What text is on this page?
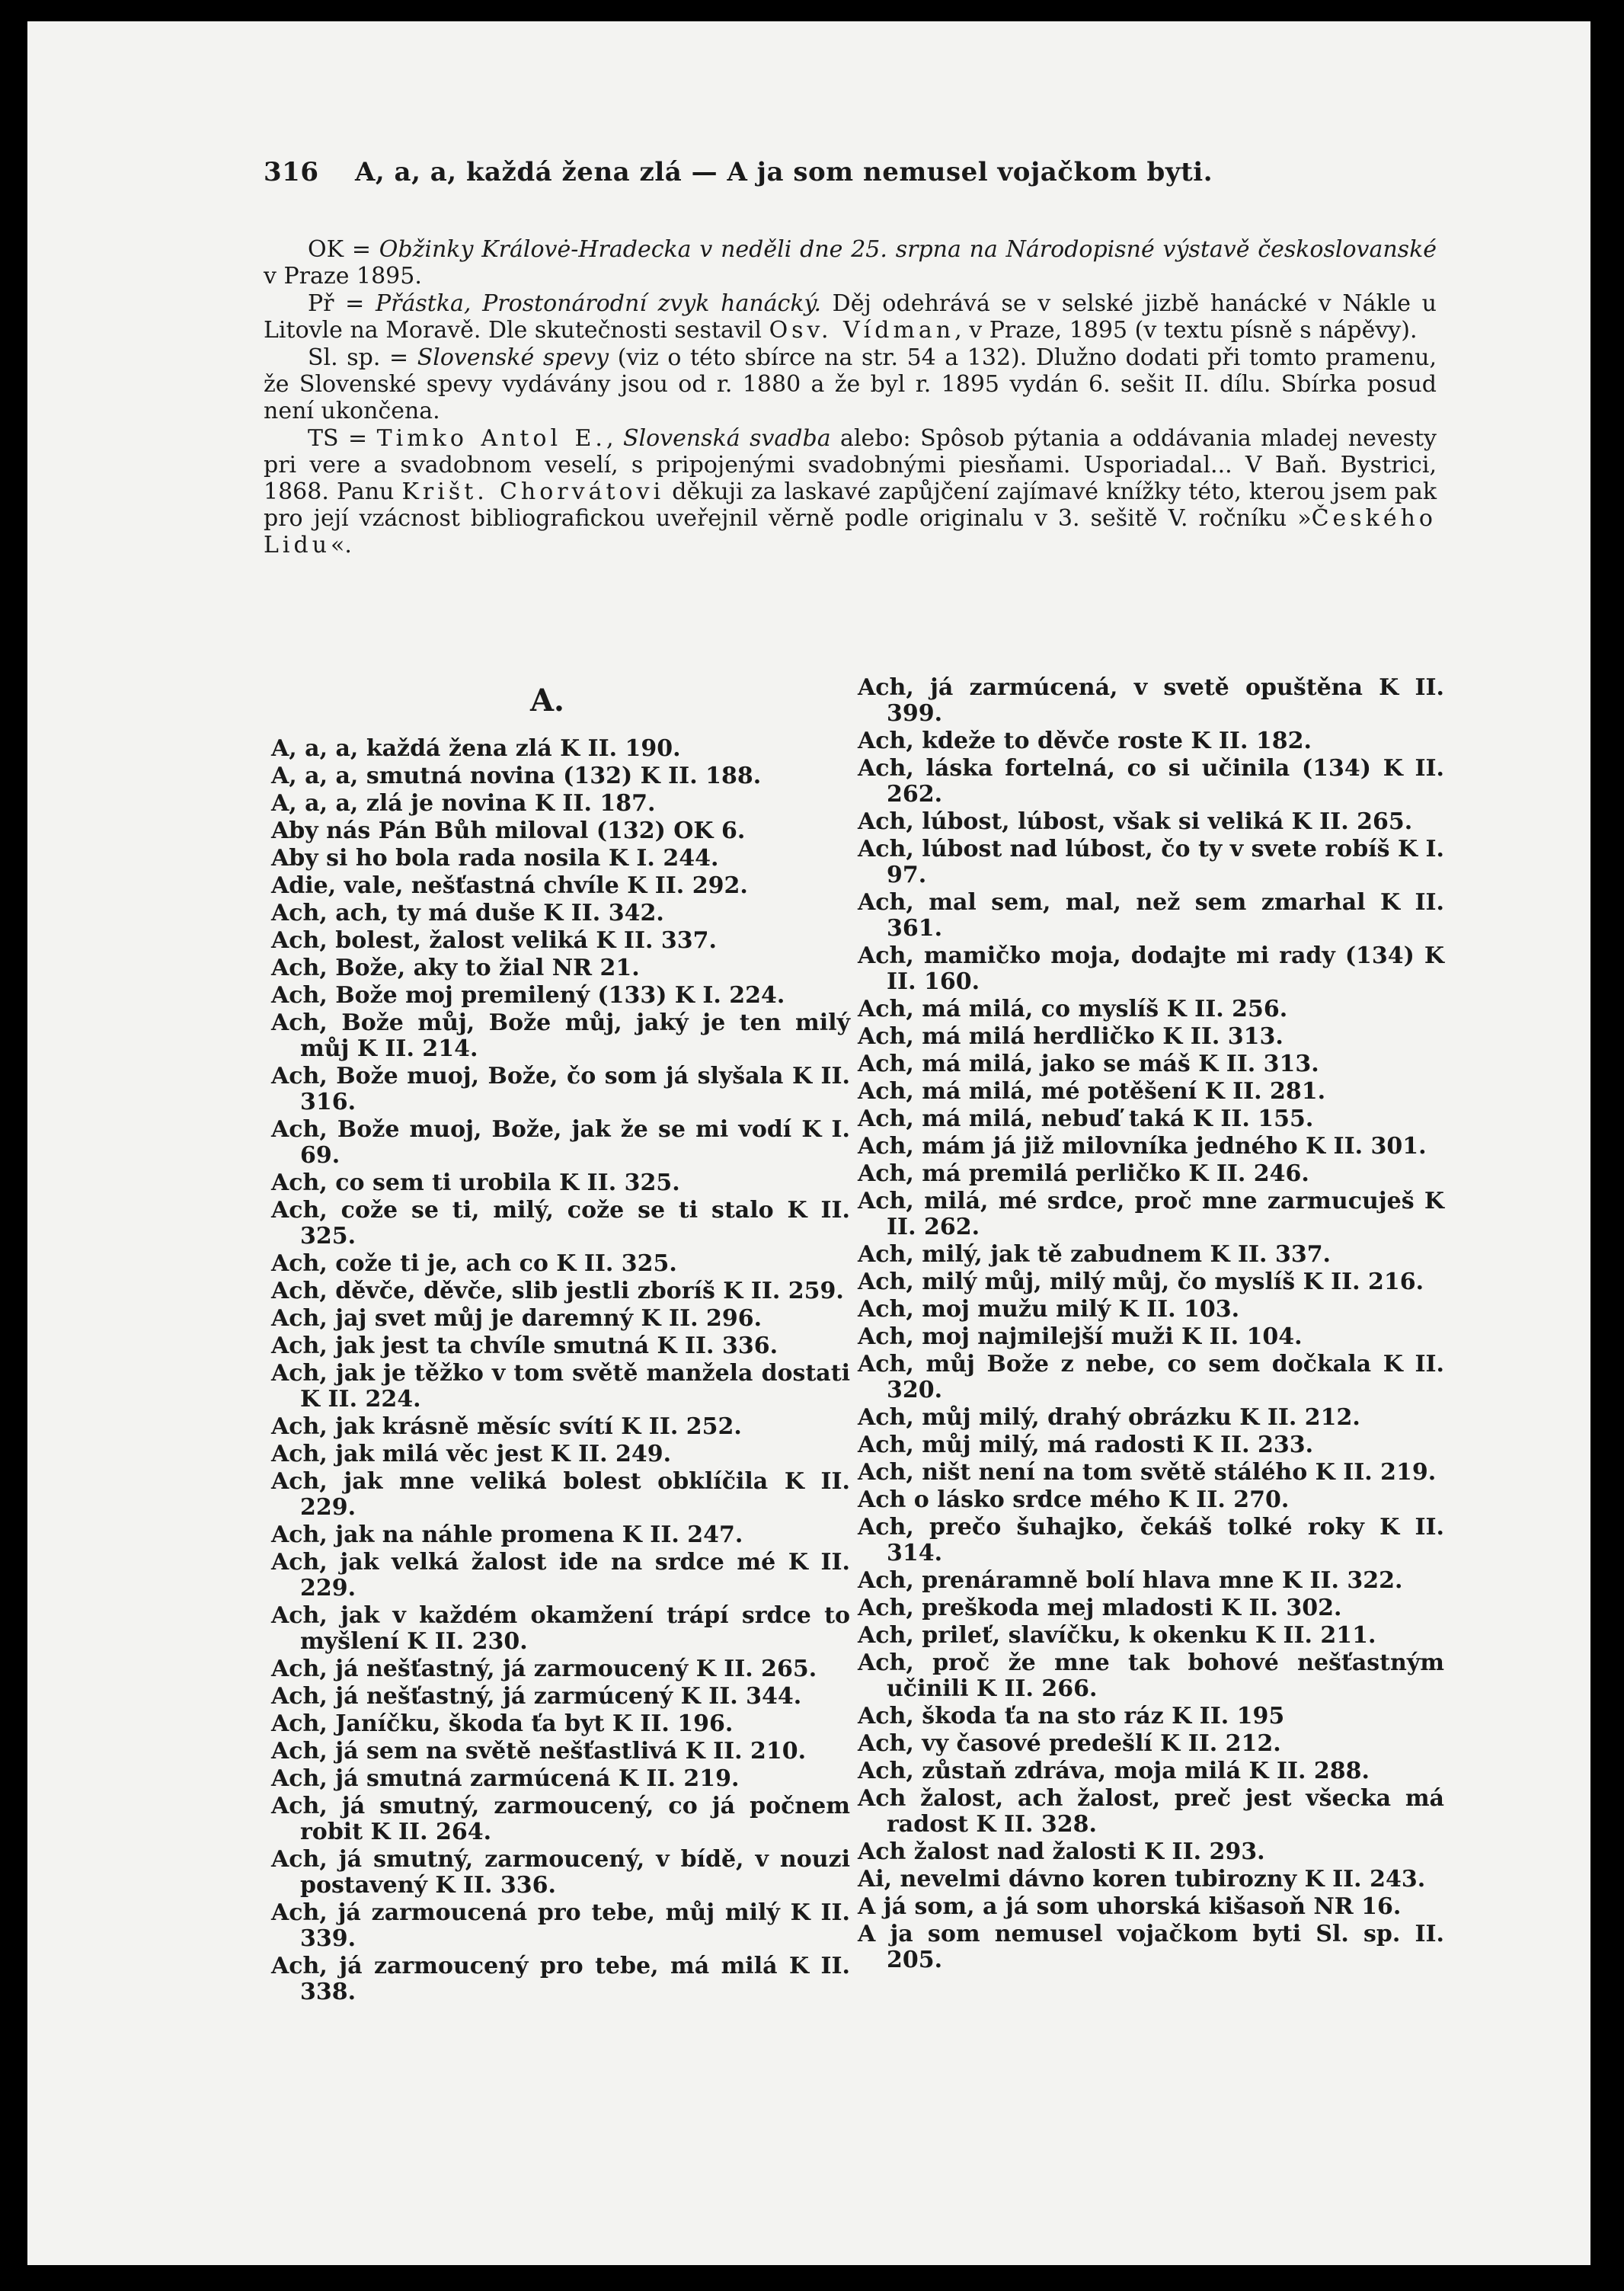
316 A, a, a, každá žena zlá — A ja som nemusel vojačkom byti.

OK = Obžinky Královė-Hradecka v neděli dne 25. srpna na Národopisné výstavě českoslovanské v Praze 1895.

Př = Přástka, Prostonárodní zvyk hanácký. Děj odehrává se v selské jizbě hanácké v Nákle u Litovle na Moravě. Dle skutečnosti sestavil Osv. Vídman, v Praze, 1895 (v textu písně s nápěvy).

Sl. sp. = Slovenské spevy (viz o této sbírce na str. 54 a 132). Dlužno dodati při tomto pramenu, že Slovenské spevy vydávány jsou od r. 1880 a že byl r. 1895 vydán 6. sešit II. dílu. Sbírka posud není ukončena.

TS = Timko Antol E., Slovenská svadba alebo: Spôsob pýtania a oddávania mladej nevesty pri vere a svadobnom veselí, s pripojenými svadobnými piesňami. Usporiadal... V Baň. Bystrici, 1868. Panu Krišt. Chorvátovi děkuji za laskavé zapůjčení zajímavé knížky této, kterou jsem pak pro její vzácnost bibliografickou uveřejnil věrně podle originalu v 3. sešitě V. ročníku »Českého Lidu«.

A.

A, a, a, každá žena zlá K II. 190.

A, a, a, smutná novina (132) K II. 188.

A, a, a, zlá je novina K II. 187.

Aby nás Pán Bůh miloval (132) OK 6.

Aby si ho bola rada nosila K I. 244.

Adie, vale, nešťastná chvíle K II. 292.

Ach, ach, ty má duše K II. 342.

Ach, bolest, žalost veliká K II. 337.

Ach, Bože, aky to žial NR 21.

Ach, Bože moj premilený (133) K I. 224.

Ach, Bože můj, Bože můj, jaký je ten milý můj K II. 214.

Ach, Bože muoj, Bože, čo som já slyšala K II. 316.

Ach, Bože muoj, Bože, jak že se mi vodí K I. 69.

Ach, co sem ti urobila K II. 325.

Ach, cože se ti, milý, cože se ti stalo K II. 325.

Ach, cože ti je, ach co K II. 325.

Ach, děvče, děvče, slib jestli zboríš K II. 259.

Ach, jaj svet můj je daremný K II. 296.

Ach, jak jest ta chvíle smutná K II. 336.

Ach, jak je těžko v tom světě manžela dostati K II. 224.

Ach, jak krásně měsíc svítí K II. 252.

Ach, jak milá věc jest K II. 249.

Ach, jak mne veliká bolest obklíčila K II. 229.

Ach, jak na náhle promena K II. 247.

Ach, jak velká žalost ide na srdce mé K II. 229.

Ach, jak v každém okamžení trápí srdce to myšlení K II. 230.

Ach, já nešťastný, já zarmoucený K II. 265.

Ach, já nešťastný, já zarmúcený K II. 344.

Ach, Janíčku, škoda ťa byt K II. 196.

Ach, já sem na světě nešťastlivá K II. 210.

Ach, já smutná zarmúcená K II. 219.

Ach, já smutný, zarmoucený, co já počnem robit K II. 264.

Ach, já smutný, zarmoucený, v bídě, v nouzi postavený K II. 336.

Ach, já zarmoucená pro tebe, můj milý K II. 339.

Ach, já zarmoucený pro tebe, má milá K II. 338.

Ach, já zarmúcená, v svetě opuštěna K II. 399.

Ach, kdeže to děvče roste K II. 182.

Ach, láska fortelná, co si učinila (134) K II. 262.

Ach, lúbost, lúbost, však si veliká K II. 265.

Ach, lúbost nad lúbost, čo ty v svete robíš K I. 97.

Ach, mal sem, mal, než sem zmarhal K II. 361.

Ach, mamičko moja, dodajte mi rady (134) K II. 160.

Ach, má milá, co myslíš K II. 256.

Ach, má milá herdličko K II. 313.

Ach, má milá, jako se máš K II. 313.

Ach, má milá, mé potěšení K II. 281.

Ach, má milá, nebuď taká K II. 155.

Ach, mám já již milovníka jedného K II. 301.

Ach, má premilá perličko K II. 246.

Ach, milá, mé srdce, proč mne zarmucuješ K II. 262.

Ach, milý, jak tě zabudnem K II. 337.

Ach, milý můj, milý můj, čo myslíš K II. 216.

Ach, moj mužu milý K II. 103.

Ach, moj najmilejší muži K II. 104.

Ach, můj Bože z nebe, co sem dočkala K II. 320.

Ach, můj milý, drahý obrázku K II. 212.

Ach, můj milý, má radosti K II. 233.

Ach, ništ není na tom světě stálého K II. 219.

Ach o lásko srdce mého K II. 270.

Ach, prečo šuhajko, čekáš tolké roky K II. 314.

Ach, prenáramně bolí hlava mne K II. 322.

Ach, preškoda mej mladosti K II. 302.

Ach, prileť, slavíčku, k okenku K II. 211.

Ach, proč že mne tak bohové nešťastným učinili K II. 266.

Ach, škoda ťa na sto ráz K II. 195

Ach, vy časové predešlí K II. 212.

Ach, zůstaň zdráva, moja milá K II. 288.

Ach žalost, ach žalost, preč jest všecka má radost K II. 328.

Ach žalost nad žalosti K II. 293.

Ai, nevelmi dávno koren tubirozny K II. 243.

A já som, a já som uhorská kišasoň NR 16.

A ja som nemusel vojačkom byti Sl. sp. II. 205.
